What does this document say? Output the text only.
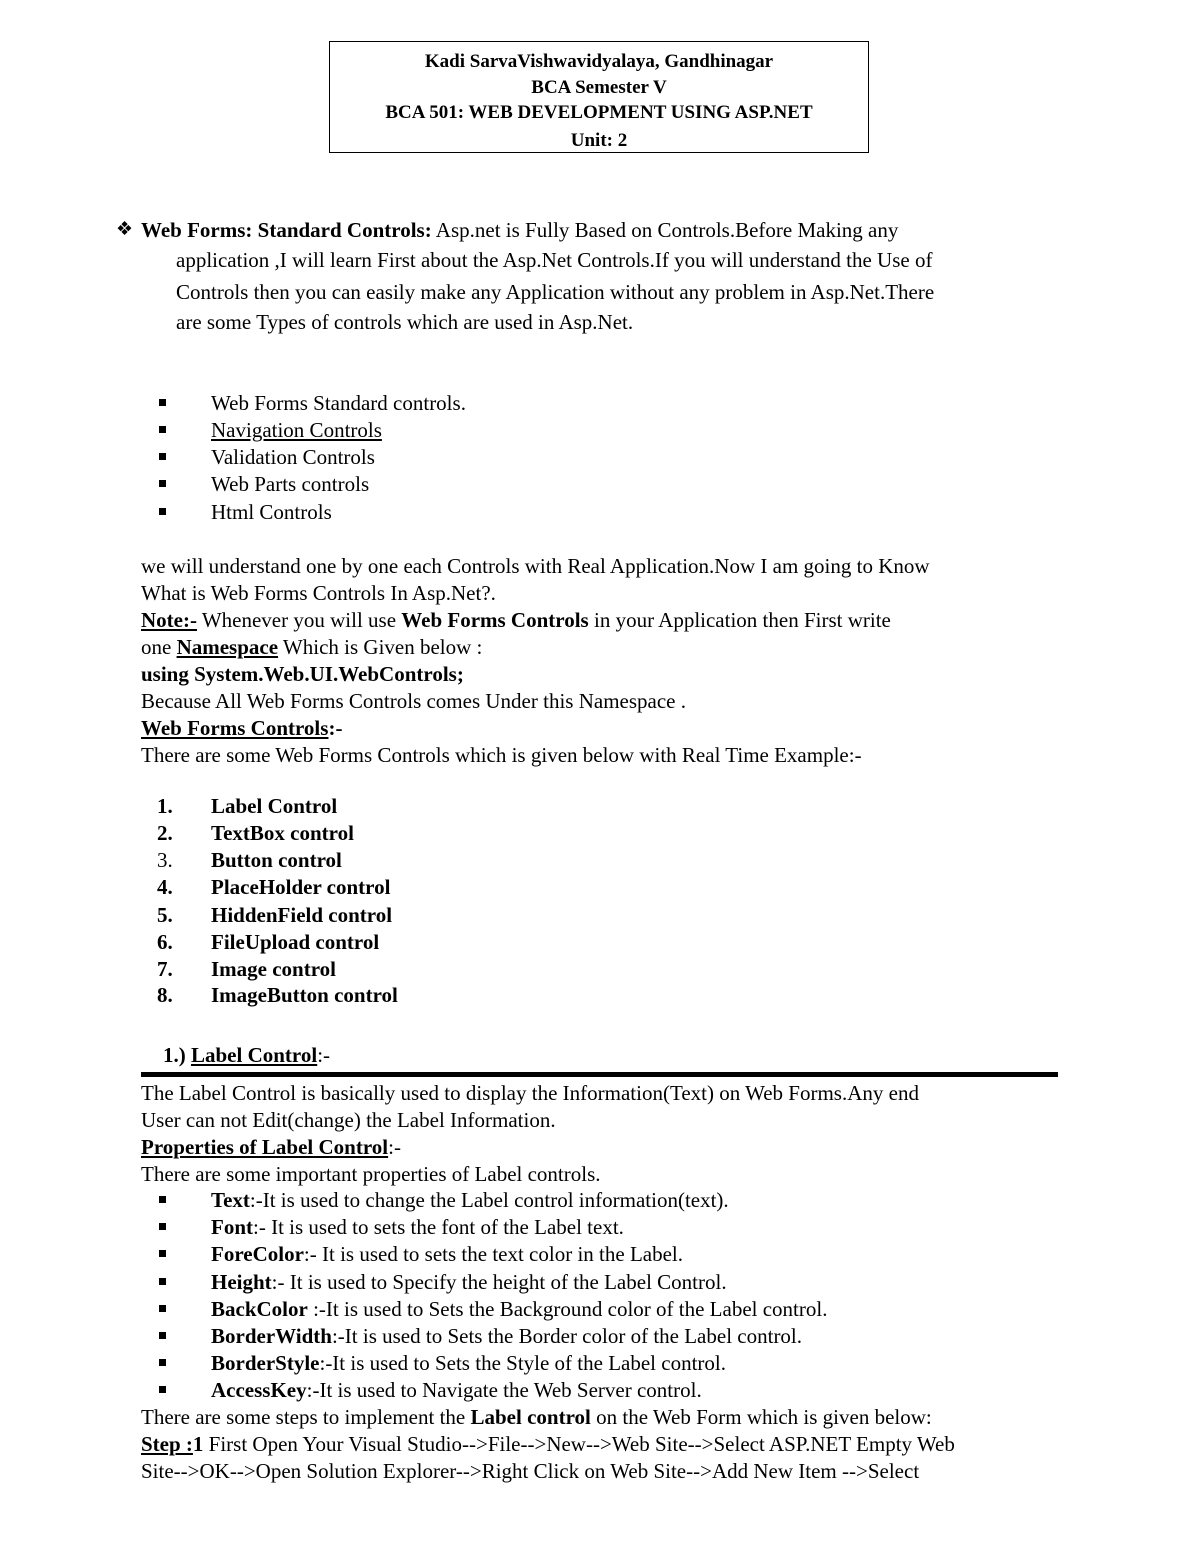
Kadi SarvaVishwavidyalaya, Gandhinagar
BCA Semester V
BCA 501: WEB DEVELOPMENT USING ASP.NET
Unit: 2
❖ Web Forms: Standard Controls: Asp.net is Fully Based on Controls.Before Making any
application ,I will learn First about the Asp.Net Controls.If you will understand the Use of
Controls then you can easily make any Application without any problem in Asp.Net.There
are some Types of controls which are used in Asp.Net.
Web Forms Standard controls.
Navigation Controls
Validation Controls
Web Parts controls
Html Controls
we will understand one by one each Controls with Real Application.Now I am going to Know
What is Web Forms Controls In Asp.Net?.
Note:- Whenever you will use Web Forms Controls in your Application then First write
one Namespace Which is Given below :
using System.Web.UI.WebControls;
Because All Web Forms Controls comes Under this Namespace .
Web Forms Controls:-
There are some Web Forms Controls which is given below with Real Time Example:-
1. Label Control
2. TextBox control
3. Button control
4. PlaceHolder control
5. HiddenField control
6. FileUpload control
7. Image control
8. ImageButton control
1.) Label Control:-
The Label Control is basically used to display the Information(Text) on Web Forms.Any end
User can not Edit(change) the Label Information.
Properties of Label Control:-
There are some important properties of Label controls.
Text:-It is used to change the Label control information(text).
Font:- It is used to sets the font of the Label text.
ForeColor:- It is used to sets the text color in the Label.
Height:- It is used to Specify the height of the Label Control.
BackColor :-It is used to Sets the Background color of the Label control.
BorderWidth:-It is used to Sets the Border color of the Label control.
BorderStyle:-It is used to Sets the Style of the Label control.
AccessKey:-It is used to Navigate the Web Server control.
There are some steps to implement the Label control on the Web Form which is given below:
Step :1 First Open Your Visual Studio-->File-->New-->Web Site-->Select ASP.NET Empty Web
Site-->OK-->Open Solution Explorer-->Right Click on Web Site-->Add New Item -->Select
